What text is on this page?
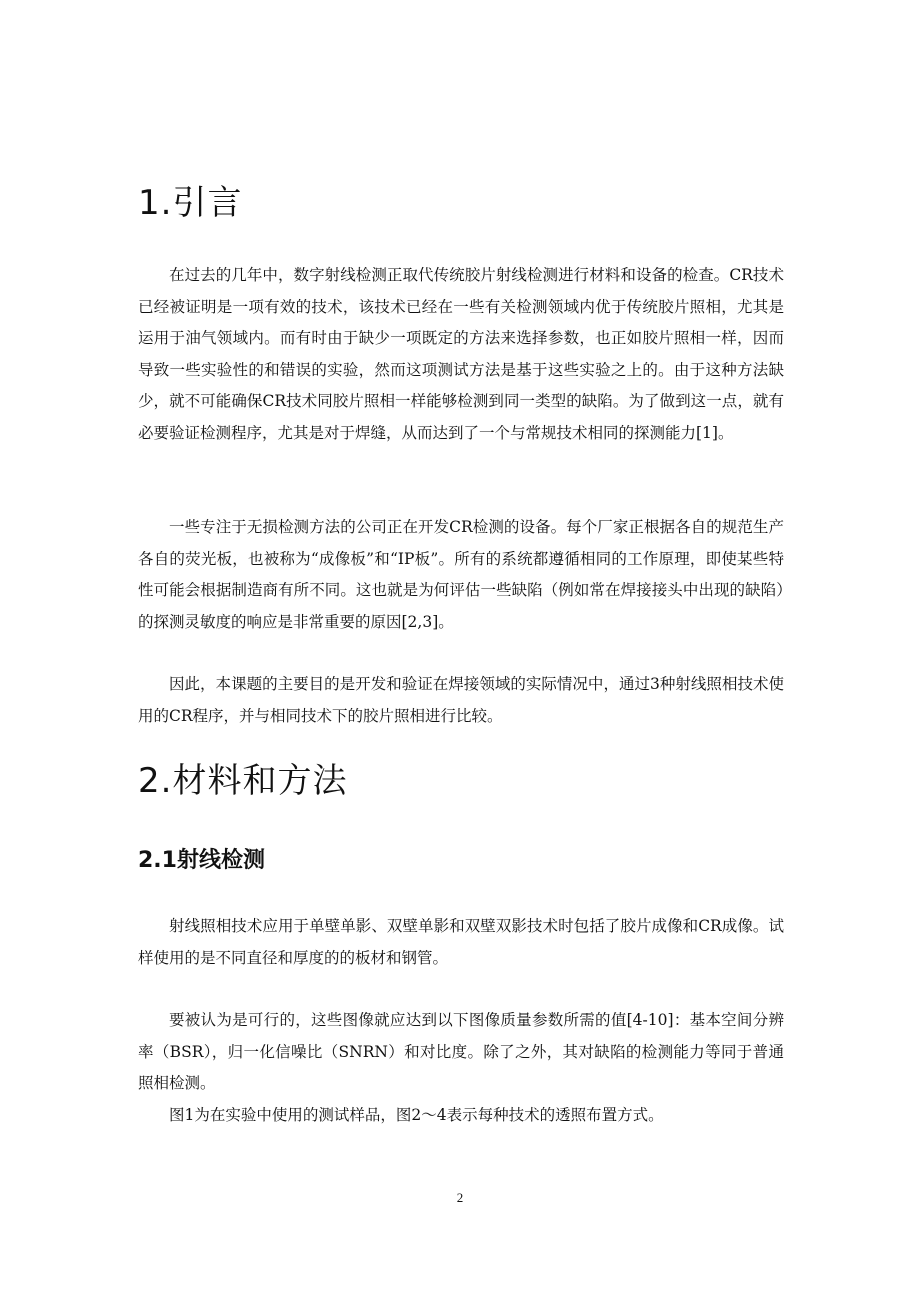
1.引言

在过去的几年中，数字射线检测正取代传统胶片射线检测进行材料和设备的检查。CR技术已经被证明是一项有效的技术，该技术已经在一些有关检测领域内优于传统胶片照相，尤其是运用于油气领域内。而有时由于缺少一项既定的方法来选择参数，也正如胶片照相一样，因而导致一些实验性的和错误的实验，然而这项测试方法是基于这些实验之上的。由于这种方法缺少，就不可能确保CR技术同胶片照相一样能够检测到同一类型的缺陷。为了做到这一点，就有必要验证检测程序，尤其是对于焊缝，从而达到了一个与常规技术相同的探测能力[1]。

一些专注于无损检测方法的公司正在开发CR检测的设备。每个厂家正根据各自的规范生产各自的荧光板，也被称为“成像板”和“IP板”。所有的系统都遵循相同的工作原理，即使某些特性可能会根据制造商有所不同。这也就是为何评估一些缺陷（例如常在焊接接头中出现的缺陷）的探测灵敏度的响应是非常重要的原因[2,3]。

因此，本课题的主要目的是开发和验证在焊接领域的实际情况中，通过3种射线照相技术使用的CR程序，并与相同技术下的胶片照相进行比较。

2.材料和方法
2.1射线检测

射线照相技术应用于单壁单影、双壁单影和双壁双影技术时包括了胶片成像和CR成像。试样使用的是不同直径和厚度的的板材和钢管。

要被认为是可行的，这些图像就应达到以下图像质量参数所需的值[4-10]：基本空间分辨率（BSR），归一化信噪比（SNRN）和对比度。除了之外，其对缺陷的检测能力等同于普通照相检测。

图1为在实验中使用的测试样品，图2～4表示每种技术的透照布置方式。

2
